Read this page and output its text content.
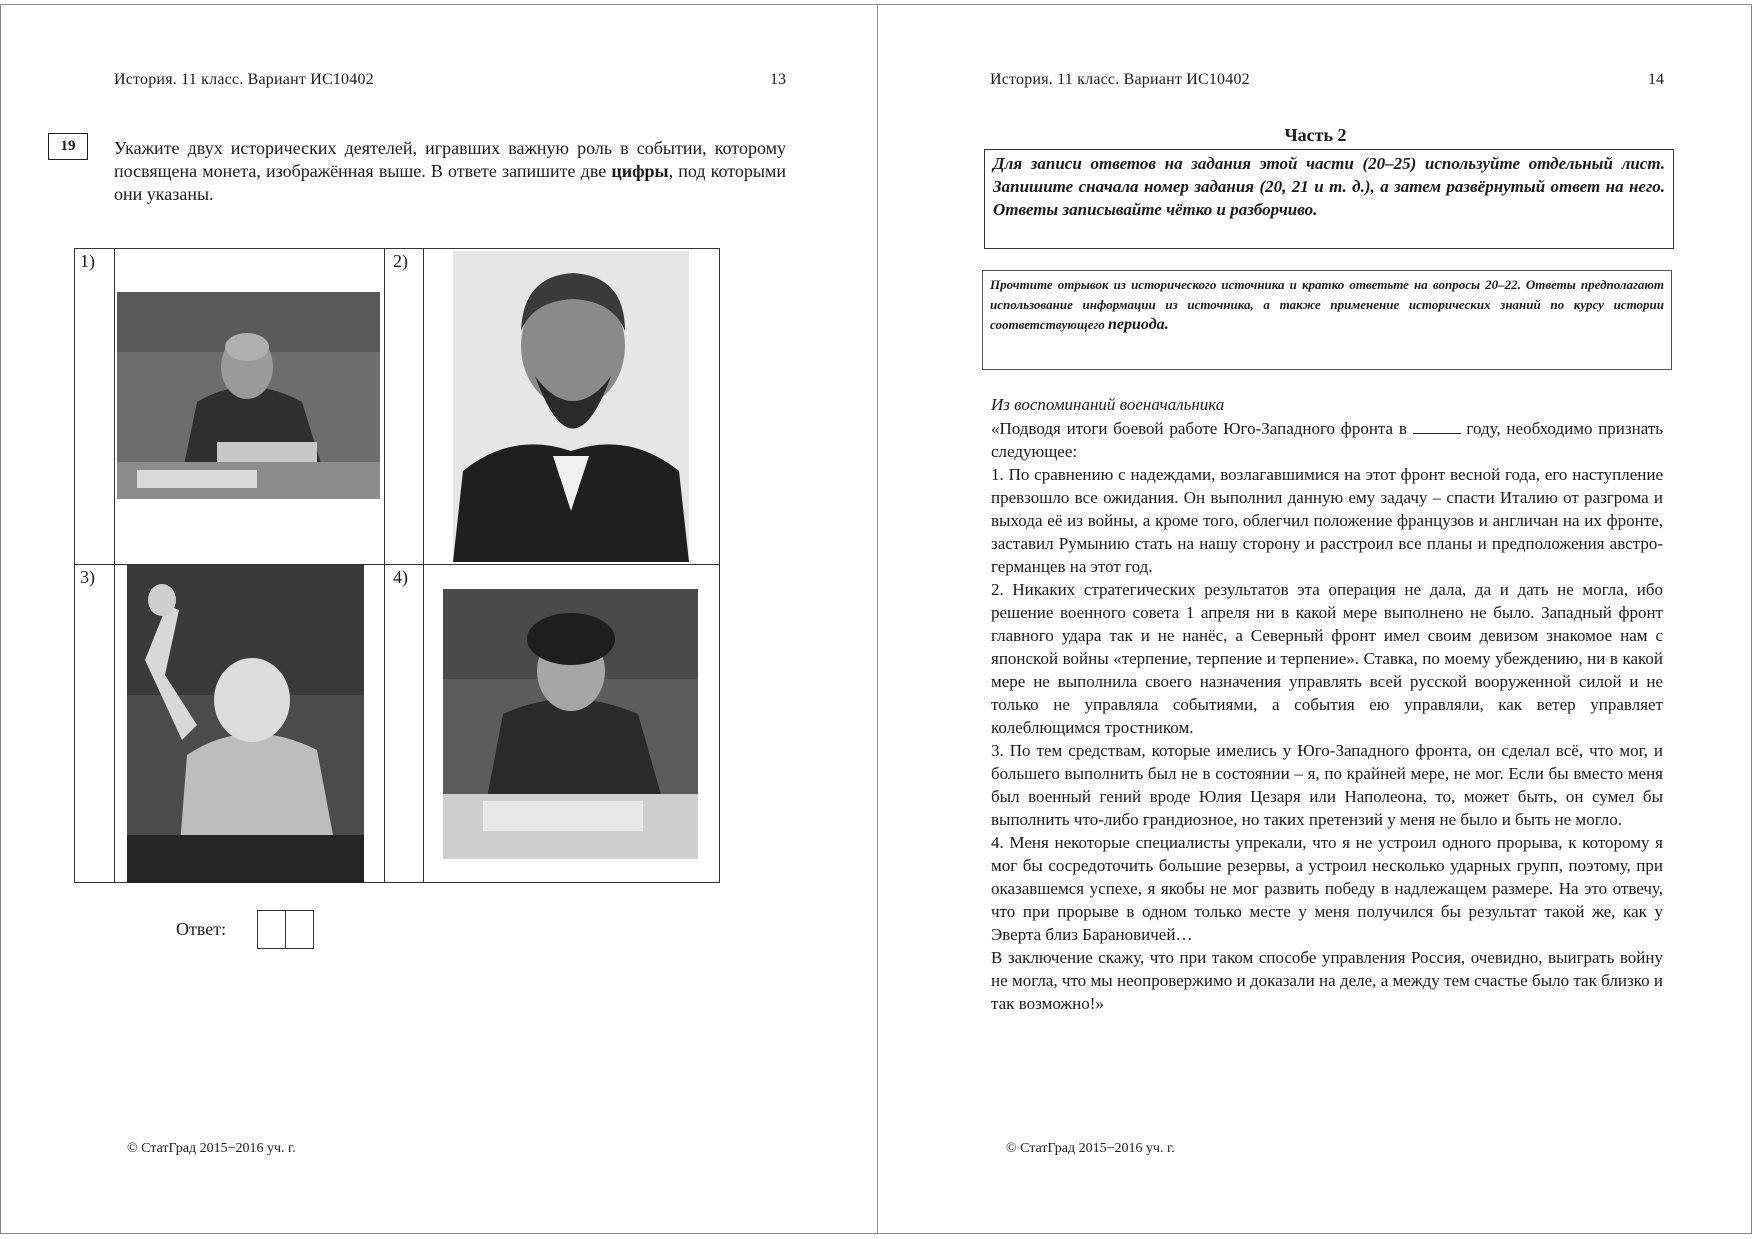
История. 11 класс. Вариант ИС10402	13
19	Укажите двух исторических деятелей, игравших важную роль в событии, которому посвящена монета, изображённая выше. В ответе запишите две цифры, под которыми они указаны.
1)	2)
3)	4)
Ответ:
© СтатГрад 2015−2016 уч. г.
История. 11 класс. Вариант ИС10402	14
Часть 2
Для записи ответов на задания этой части (20–25) используйте отдельный лист. Запишите сначала номер задания (20, 21 и т. д.), а затем развёрнутый ответ на него. Ответы записывайте чётко и разборчиво.
Прочтите отрывок из исторического источника и кратко ответьте на вопросы 20–22. Ответы предполагают использование информации из источника, а также применение исторических знаний по курсу истории соответствующего периода.
Из воспоминаний военачальника

«Подводя итоги боевой работе Юго-Западного фронта в	году, необходимо признать следующее:

1. По сравнению с надеждами, возлагавшимися на этот фронт весной года, его наступление превзошло все ожидания. Он выполнил данную ему задачу – спасти Италию от разгрома и выхода её из войны, а кроме того, облегчил положение французов и англичан на их фронте, заставил Румынию стать на нашу сторону и расстроил все планы и предположения австро-германцев на этот год.

2. Никаких стратегических результатов эта операция не дала, да и дать не могла, ибо решение военного совета 1 апреля ни в какой мере выполнено не было. Западный фронт главного удара так и не нанёс, а Северный фронт имел своим девизом знакомое нам с японской войны «терпение, терпение и терпение». Ставка, по моему убеждению, ни в какой мере не выполнила своего назначения управлять всей русской вооруженной силой и не только не управляла событиями, а события ею управляли, как ветер управляет колеблющимся тростником.

3. По тем средствам, которые имелись у Юго-Западного фронта, он сделал всё, что мог, и большего выполнить был не в состоянии – я, по крайней мере, не мог. Если бы вместо меня был военный гений вроде Юлия Цезаря или Наполеона, то, может быть, он сумел бы выполнить что-либо грандиозное, но таких претензий у меня не было и быть не могло.

4. Меня некоторые специалисты упрекали, что я не устроил одного прорыва, к которому я мог бы сосредоточить большие резервы, а устроил несколько ударных групп, поэтому, при оказавшемся успехе, я якобы не мог развить победу в надлежащем размере. На это отвечу, что при прорыве в одном только месте у меня получился бы результат такой же, как у Эверта близ Барановичей…

В заключение скажу, что при таком способе управления Россия, очевидно, выиграть войну не могла, что мы неопровержимо и доказали на деле, а между тем счастье было так близко и так возможно!»

© СтатГрад 2015−2016 уч. г.
